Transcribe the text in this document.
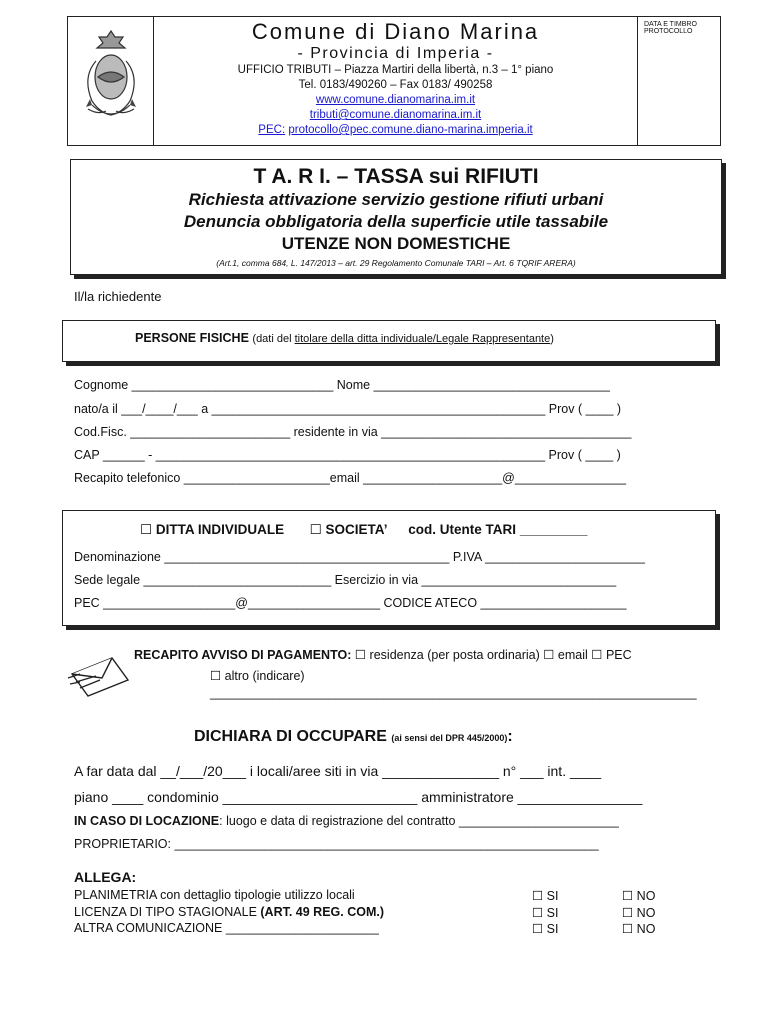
Comune di Diano Marina
- Provincia di Imperia -
UFFICIO TRIBUTI – Piazza Martiri della libertà, n.3 – 1° piano
Tel. 0183/490260 – Fax 0183/ 490258
www.comune.dianomarina.im.it
tributi@comune.dianomarina.im.it
PEC: protocollo@pec.comune.diano-marina.imperia.it
DATA E TIMBRO PROTOCOLLO
T A. R I. – TASSA sui RIFIUTI
Richiesta attivazione servizio gestione rifiuti urbani
Denuncia obbligatoria della superficie utile tassabile
UTENZE NON DOMESTICHE
(Art.1, comma 684, L. 147/2013 – art. 29 Regolamento Comunale TARI – Art. 6 TQRIF ARERA)
Il/la richiedente
PERSONE FISICHE (dati del titolare della ditta individuale/Legale Rappresentante)
Cognome _____________________________ Nome __________________________________
nato/a il ___/____/___ a ________________________________________________ Prov ( ____ )
Cod.Fisc. _______________________ residente in via ____________________________________
CAP ______ - ________________________________________________________ Prov ( ____ )
Recapito telefonico _____________________email ____________________@________________
☐ DITTA INDIVIDUALE ☐ SOCIETA’ cod. Utente TARI _________
Denominazione _________________________________________ P.IVA _______________________
Sede legale ___________________________ Esercizio in via ____________________________
PEC ___________________@___________________ CODICE ATECO _____________________
RECAPITO AVVISO DI PAGAMENTO: ☐ residenza (per posta ordinaria) ☐ email ☐ PEC
☐ altro (indicare)
______________________________________________________________________
DICHIARA DI OCCUPARE (ai sensi del DPR 445/2000):
A far data dal __/___/20___ i locali/aree siti in via _______________ n° ___ int. ____
piano ____ condominio _________________________ amministratore ________________
IN CASO DI LOCAZIONE: luogo e data di registrazione del contratto _______________________
PROPRIETARIO: _____________________________________________________________
ALLEGA:
PLANIMETRIA con dettaglio tipologie utilizzo locali	☐ SI	☐ NO
LICENZA DI TIPO STAGIONALE (ART. 49 REG. COM.)	☐ SI	☐ NO
ALTRA COMUNICAZIONE ______________________	☐ SI	☐ NO
